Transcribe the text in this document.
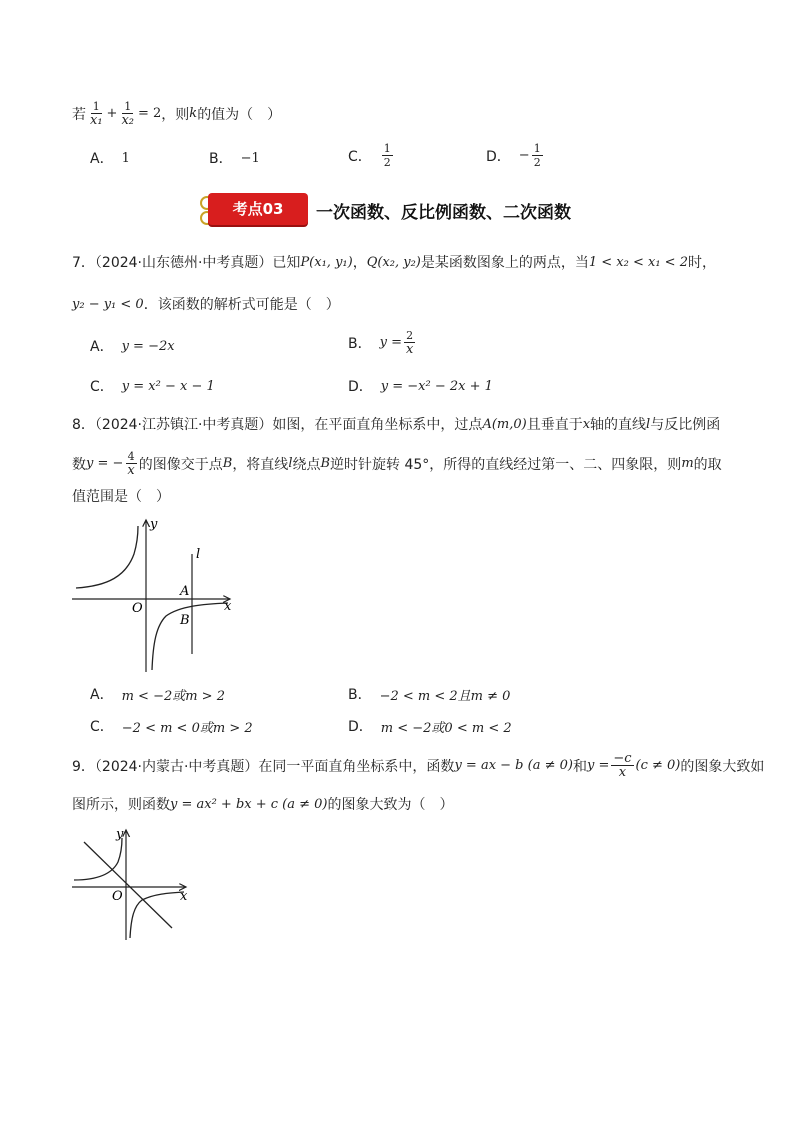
若 $\frac{1}{\text{x₁}} + \frac{1}{\text{x₂}} = 2$ ，则 k 的值为（　）
A． 1	B． −1	C． $\frac{1}{2}$	D． − $\frac{1}{2}$
考点03	一次函数、反比例函数、二次函数
7．（2024·山东德州·中考真题）已知 P(x₁, y₁) ， Q(x₂, y₂) 是某函数图象上的两点，当 1 < x₂ < x₁ < 2 时，
y₂ − y₁ < 0 ．该函数的解析式可能是（　）
A． y = −2x	B． $y = \frac{2}{x}$
C． y = x² − x − 1	D． y = −x² − 2x + 1
8．（2024·江苏镇江·中考真题）如图，在平面直角坐标系中，过点 A(m,0) 且垂直于 x 轴的直线 l 与反比例函
数 y = − $\frac{4}{x}$ 的图像交于点 B ，将直线 l 绕点 B 逆时针旋转 45°，所得的直线经过第一、二、四象限，则 m 的取
值范围是（　）
y
x
O
A
B
l
A． m < −2或m > 2	B． −2 < m < 2且m ≠ 0
C． −2 < m < 0或m > 2	D． m < −2或0 < m < 2
9．（2024·内蒙古·中考真题）在同一平面直角坐标系中，函数 y = ax − b (a ≠ 0) 和 $y = \frac{-c}{x} (c \ne 0)$ 的图象大致如
图所示，则函数 y = ax² + bx + c (a ≠ 0) 的图象大致为（　）
y
x
O
